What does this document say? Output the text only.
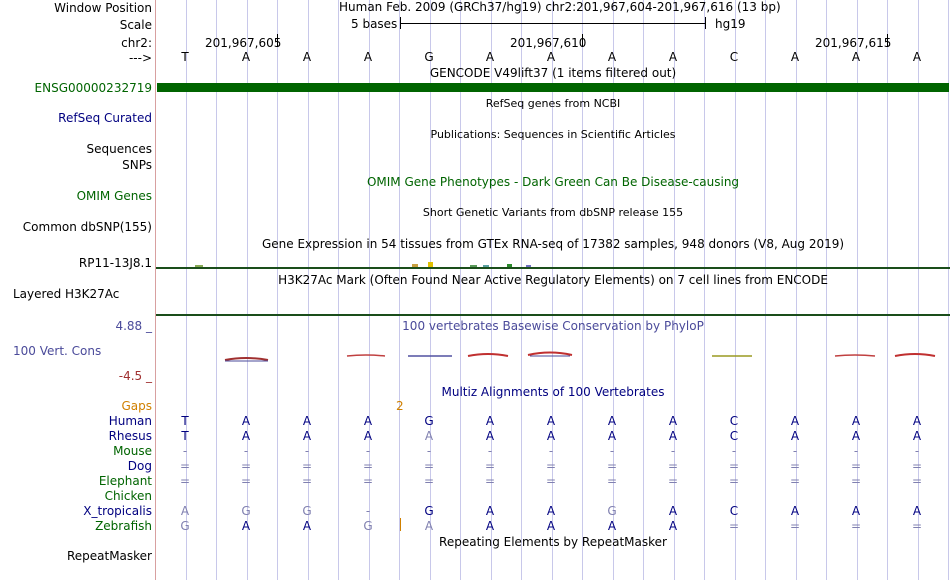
Window Position	Human Feb. 2009 (GRCh37/hg19) chr2:201,967,604-201,967,616 (13 bp)
Scale	5 bases	hg19
chr2:
--->
201,967,605	201,967,610	201,967,615
T	A	A	A	G	A	A	A	A	C	A	A	A
GENCODE V49lift37 (1 items filtered out)
ENSG00000232719
RefSeq genes from NCBI
RefSeq Curated
Publications: Sequences in Scientific Articles
Sequences
SNPs
OMIM Gene Phenotypes - Dark Green Can Be Disease-causing
OMIM Genes
Short Genetic Variants from dbSNP release 155
Common dbSNP(155)
Gene Expression in 54 tissues from GTEx RNA-seq of 17382 samples, 948 donors (V8, Aug 2019)
RP11-13J8.1
H3K27Ac Mark (Often Found Near Active Regulatory Elements) on 7 cell lines from ENCODE
Layered H3K27Ac
100 vertebrates Basewise Conservation by PhyloP
4.88 _
100 Vert. Cons
-4.5 _
Multiz Alignments of 100 Vertebrates
Gaps	2
Human	T	A	A	A	G	A	A	A	A	C	A	A	A
Rhesus	T	A	A	A	A	A	A	A	A	C	A	A	A
Mouse	-	-	-	-	-	-	-	-	-	-	-	-	-
Dog	=	=	=	=	=	=	=	=	=	=	=	=	=
Elephant	=	=	=	=	=	=	=	=	=	=	=	=	=
Chicken
X_tropicalis	A	G	G	-	G	A	A	G	A	C	A	A	A
Zebrafish	G	A	A	G	A	A	A	A	A	=	=	=	=
Repeating Elements by RepeatMasker
RepeatMasker
